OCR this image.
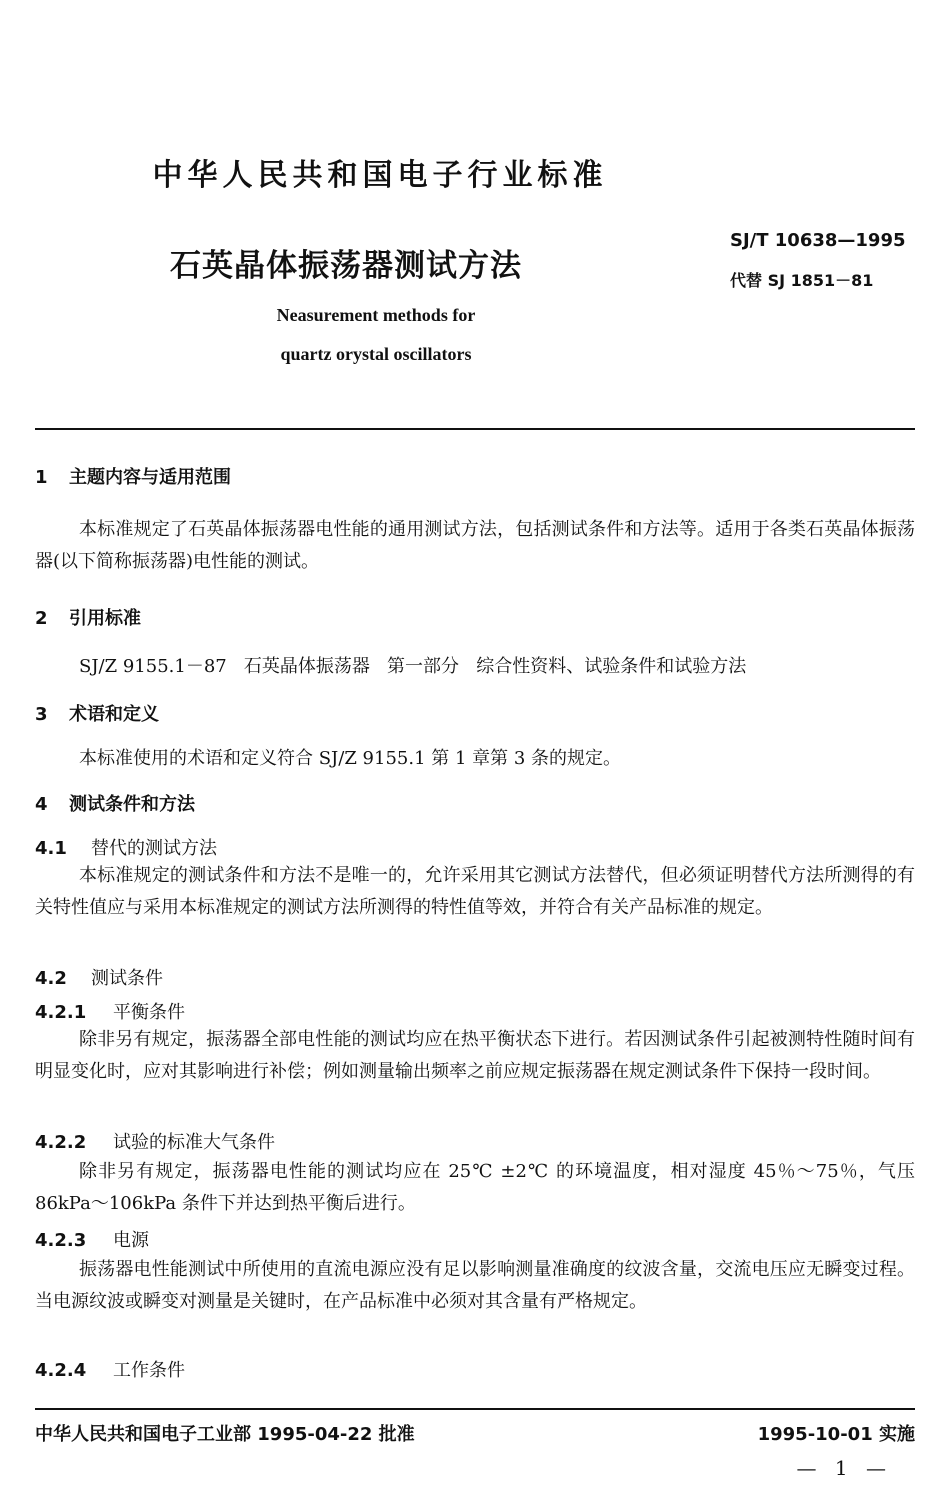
中华人民共和国电子行业标准
石英晶体振荡器测试方法
SJ/T 10638—1995
代替 SJ 1851－81
Neasurement methods for
quartz orystal oscillators
1 主题内容与适用范围

本标准规定了石英晶体振荡器电性能的通用测试方法，包括测试条件和方法等。适用于各类石英晶体振荡器(以下简称振荡器)电性能的测试。

2 引用标准
SJ/Z 9155.1－87   石英晶体振荡器   第一部分   综合性资料、试验条件和试验方法
3 术语和定义
本标准使用的术语和定义符合 SJ/Z 9155.1 第 1 章第 3 条的规定。
4 测试条件和方法
4.1 替代的测试方法

本标准规定的测试条件和方法不是唯一的，允许采用其它测试方法替代，但必须证明替代方法所测得的有关特性值应与采用本标准规定的测试方法所测得的特性值等效，并符合有关产品标准的规定。

4.2 测试条件
4.2.1 平衡条件

除非另有规定，振荡器全部电性能的测试均应在热平衡状态下进行。若因测试条件引起被测特性随时间有明显变化时，应对其影响进行补偿；例如测量输出频率之前应规定振荡器在规定测试条件下保持一段时间。

4.2.2 试验的标准大气条件

除非另有规定，振荡器电性能的测试均应在 25℃ ±2℃ 的环境温度，相对湿度 45％～75％，气压 86kPa～106kPa 条件下并达到热平衡后进行。

4.2.3 电源

振荡器电性能测试中所使用的直流电源应没有足以影响测量准确度的纹波含量，交流电压应无瞬变过程。当电源纹波或瞬变对测量是关键时，在产品标准中必须对其含量有严格规定。

4.2.4 工作条件
中华人民共和国电子工业部 1995-04-22 批准	1995-10-01 实施
— 1 —
